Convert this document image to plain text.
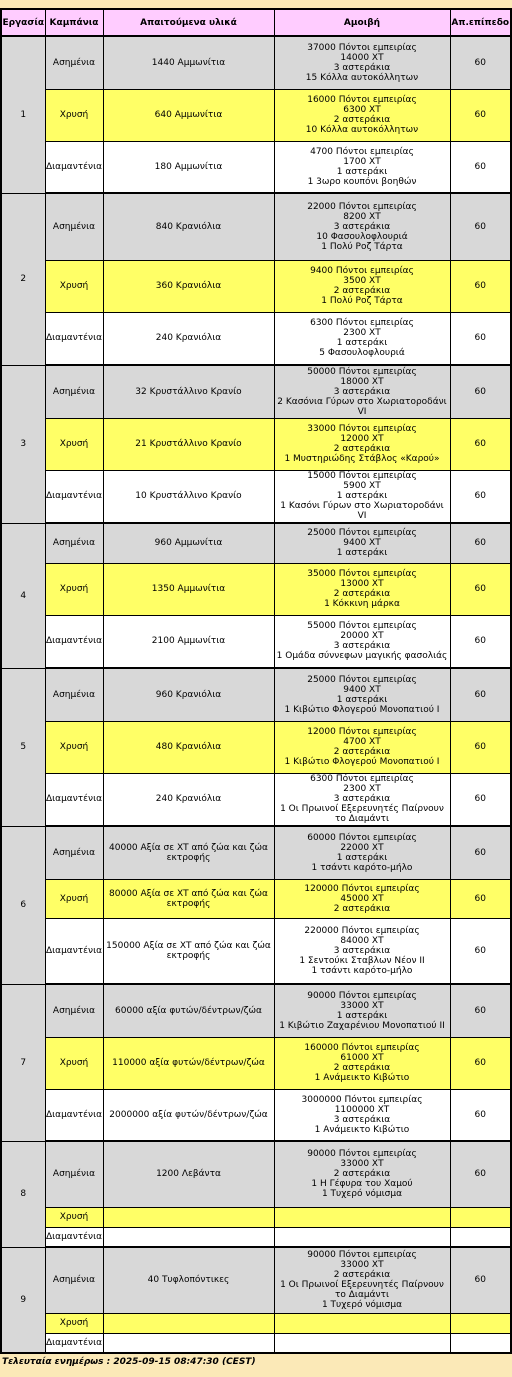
Εργασία	Καμπάνια	Απαιτούμενα υλικά	Αμοιβή	Απ.επίπεδο
1	Ασημένια	1440 Αμμωνίτια	37000 Πόντοι εμπειρίας
14000 ΧΤ
3 αστεράκια
15 Κόλλα αυτοκόλλητων	60
	Χρυσή	640 Αμμωνίτια	16000 Πόντοι εμπειρίας
6300 ΧΤ
2 αστεράκια
10 Κόλλα αυτοκόλλητων	60
	Διαμαντένια	180 Αμμωνίτια	4700 Πόντοι εμπειρίας
1700 ΧΤ
1 αστεράκι
1 3ωρο κουπόνι βοηθών	60
2	Ασημένια	840 Κρανιόλια	22000 Πόντοι εμπειρίας
8200 ΧΤ
3 αστεράκια
10 Φασουλοφλουριά
1 Πολύ Ροζ Τάρτα	60
	Χρυσή	360 Κρανιόλια	9400 Πόντοι εμπειρίας
3500 ΧΤ
2 αστεράκια
1 Πολύ Ροζ Τάρτα	60
	Διαμαντένια	240 Κρανιόλια	6300 Πόντοι εμπειρίας
2300 ΧΤ
1 αστεράκι
5 Φασουλοφλουριά	60
3	Ασημένια	32 Κρυστάλλινο Κρανίο	50000 Πόντοι εμπειρίας
18000 ΧΤ
3 αστεράκια
2 Κασόνια Γύρων στο Χωριατοροδάνι VI	60
	Χρυσή	21 Κρυστάλλινο Κρανίο	33000 Πόντοι εμπειρίας
12000 ΧΤ
2 αστεράκια
1 Μυστηριώδης Στάβλος «Καρού»	60
	Διαμαντένια	10 Κρυστάλλινο Κρανίο	15000 Πόντοι εμπειρίας
5900 ΧΤ
1 αστεράκι
1 Κασόνι Γύρων στο Χωριατοροδάνι VI	60
4	Ασημένια	960 Αμμωνίτια	25000 Πόντοι εμπειρίας
9400 ΧΤ
1 αστεράκι	60
	Χρυσή	1350 Αμμωνίτια	35000 Πόντοι εμπειρίας
13000 ΧΤ
2 αστεράκια
1 Κόκκινη μάρκα	60
	Διαμαντένια	2100 Αμμωνίτια	55000 Πόντοι εμπειρίας
20000 ΧΤ
3 αστεράκια
1 Ομάδα σύννεφων μαγικής φασολιάς	60
5	Ασημένια	960 Κρανιόλια	25000 Πόντοι εμπειρίας
9400 ΧΤ
1 αστεράκι
1 Κιβώτιο Φλογερού Μονοπατιού I	60
	Χρυσή	480 Κρανιόλια	12000 Πόντοι εμπειρίας
4700 ΧΤ
2 αστεράκια
1 Κιβώτιο Φλογερού Μονοπατιού I	60
	Διαμαντένια	240 Κρανιόλια	6300 Πόντοι εμπειρίας
2300 ΧΤ
3 αστεράκια
1 Οι Πρωινοί Εξερευνητές Παίρνουν το Διαμάντι	60
6	Ασημένια	40000 Αξία σε ΧΤ από ζώα και ζώα εκτροφής	60000 Πόντοι εμπειρίας
22000 ΧΤ
1 αστεράκι
1 τσάντι καρότο-μήλο	60
	Χρυσή	80000 Αξία σε ΧΤ από ζώα και ζώα εκτροφής	120000 Πόντοι εμπειρίας
45000 ΧΤ
2 αστεράκια	60
	Διαμαντένια	150000 Αξία σε ΧΤ από ζώα και ζώα εκτροφής	220000 Πόντοι εμπειρίας
84000 ΧΤ
3 αστεράκια
1 Σεντούκι Σταβλων Νέον II
1 τσάντι καρότο-μήλο	60
7	Ασημένια	60000 αξία φυτών/δέντρων/ζώα	90000 Πόντοι εμπειρίας
33000 ΧΤ
1 αστεράκι
1 Κιβώτιο Ζαχαρένιου Μονοπατιού II	60
	Χρυσή	110000 αξία φυτών/δέντρων/ζώα	160000 Πόντοι εμπειρίας
61000 ΧΤ
2 αστεράκια
1 Ανάμεικτο Κιβώτιο	60
	Διαμαντένια	2000000 αξία φυτών/δέντρων/ζώα	3000000 Πόντοι εμπειρίας
1100000 ΧΤ
3 αστεράκια
1 Ανάμεικτο Κιβώτιο	60
8	Ασημένια	1200 Λεβάντα	90000 Πόντοι εμπειρίας
33000 ΧΤ
2 αστεράκια
1 Η Γέφυρα του Χαμού
1 Τυχερό νόμισμα	60
	Χρυσή			
	Διαμαντένια			
9	Ασημένια	40 Τυφλοπόντικες	90000 Πόντοι εμπειρίας
33000 ΧΤ
2 αστεράκια
1 Οι Πρωινοί Εξερευνητές Παίρνουν το Διαμάντι
1 Τυχερό νόμισμα	60
	Χρυσή			
	Διαμαντένια			
Τελευταία ενημέρωs : 2025-09-15 08:47:30 (CEST)
